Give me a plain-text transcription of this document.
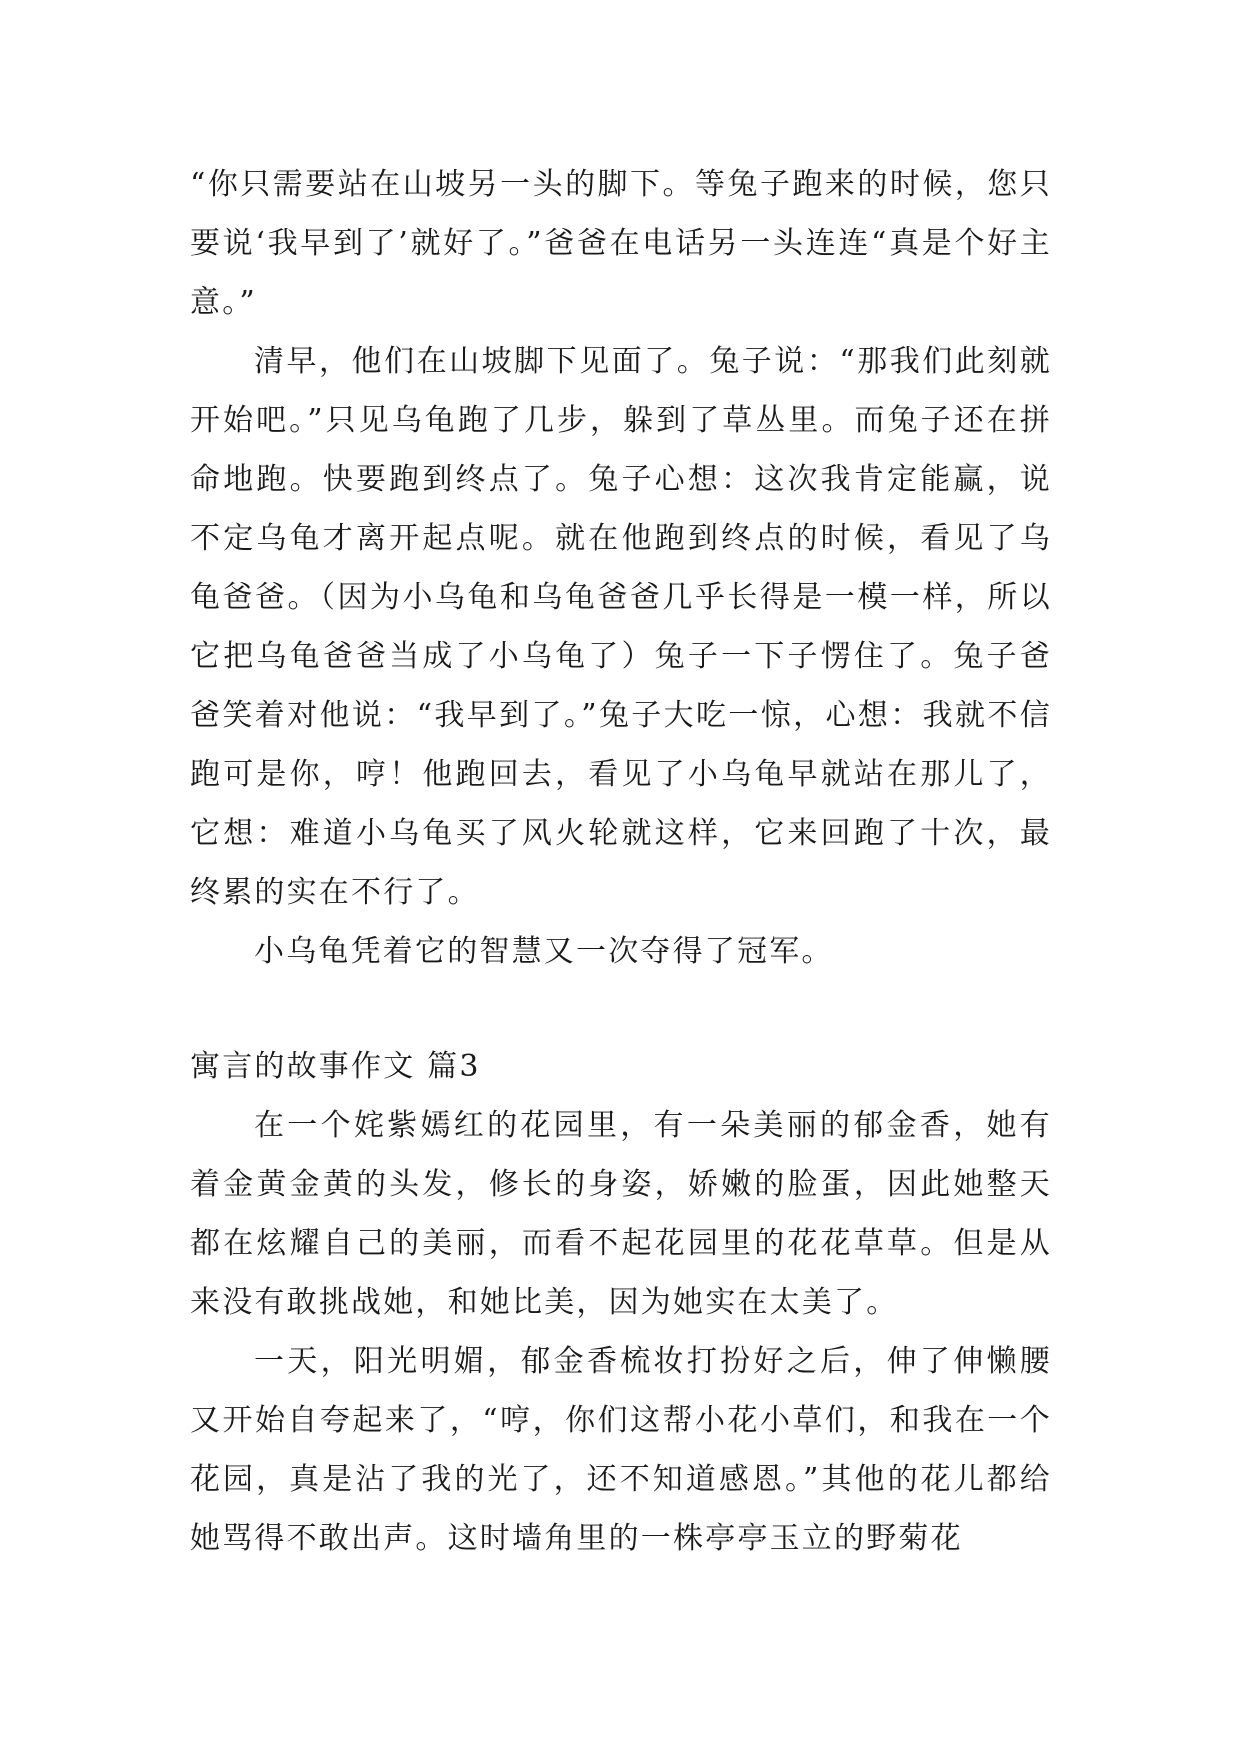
“你只需要站在山坡另一头的脚下。等兔子跑来的时候，您只要说‘我早到了’就好了。”爸爸在电话另一头连连“真是个好主意。”

清早，他们在山坡脚下见面了。兔子说：“那我们此刻就开始吧。”只见乌龟跑了几步，躲到了草丛里。而兔子还在拼命地跑。快要跑到终点了。兔子心想：这次我肯定能赢，说不定乌龟才离开起点呢。就在他跑到终点的时候，看见了乌龟爸爸。（因为小乌龟和乌龟爸爸几乎长得是一模一样，所以它把乌龟爸爸当成了小乌龟了）兔子一下子愣住了。兔子爸爸笑着对他说：“我早到了。”兔子大吃一惊，心想：我就不信跑可是你，哼！他跑回去，看见了小乌龟早就站在那儿了，它想：难道小乌龟买了风火轮就这样，它来回跑了十次，最终累的实在不行了。

小乌龟凭着它的智慧又一次夺得了冠军。

寓言的故事作文 篇3

在一个姹紫嫣红的花园里，有一朵美丽的郁金香，她有着金黄金黄的头发，修长的身姿，娇嫩的脸蛋，因此她整天都在炫耀自己的美丽，而看不起花园里的花花草草。但是从来没有敢挑战她，和她比美，因为她实在太美了。

一天，阳光明媚，郁金香梳妆打扮好之后，伸了伸懒腰又开始自夸起来了，“哼，你们这帮小花小草们，和我在一个花园，真是沾了我的光了，还不知道感恩。”其他的花儿都给她骂得不敢出声。这时墙角里的一株亭亭玉立的野菊花
